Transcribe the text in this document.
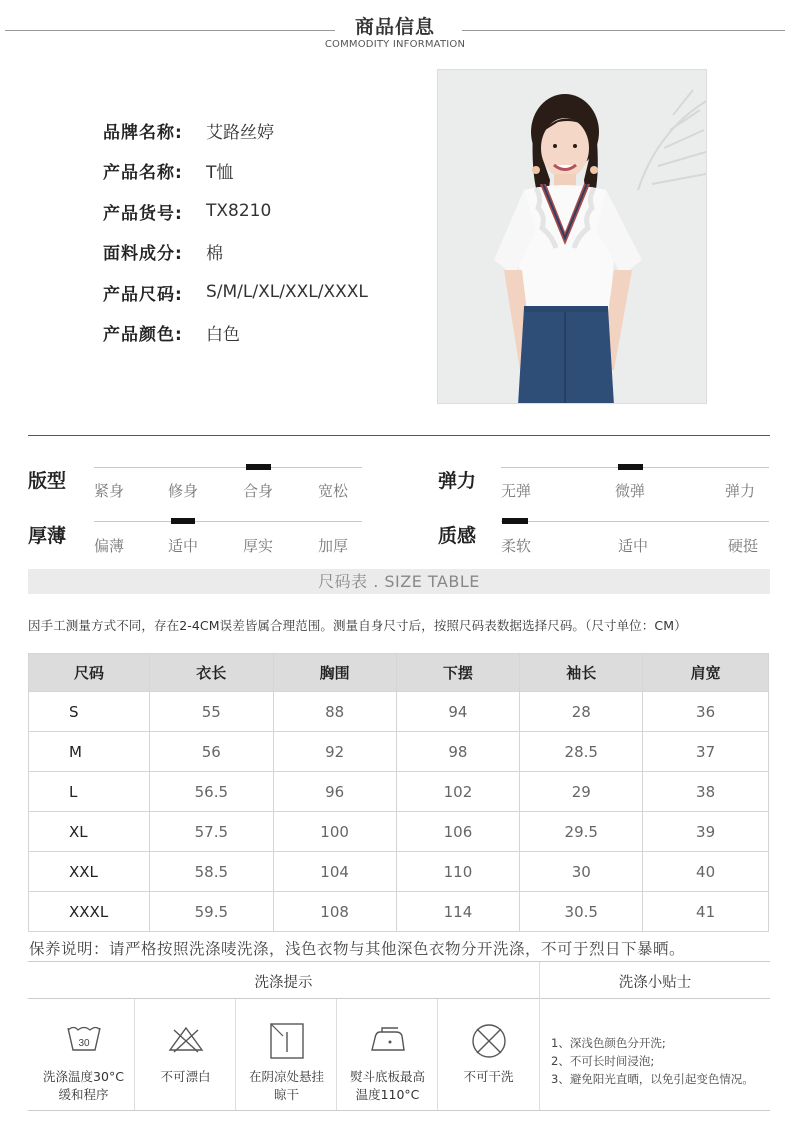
商品信息
COMMODITY INFORMATION
品牌名称:	艾路丝婷
产品名称:	T恤
产品货号:	TX8210
面料成分:	棉
产品尺码:	S/M/L/XL/XXL/XXXL
产品颜色:	白色
版型 紧身	修身	合身	宽松	弹力 无弹	微弹	弹力
厚薄 偏薄	适中	厚实	加厚	质感 柔软	适中	硬挺
尺码表 . SIZE TABLE
因手工测量方式不同，存在2-4CM误差皆属合理范围。测量自身尺寸后，按照尺码表数据选择尺码。（尺寸单位：CM）
尺码	衣长	胸围	下摆	袖长	肩宽
S	55	88	94	28	36
M	56	92	98	28.5	37
L	56.5	96	102	29	38
XL	57.5	100	106	29.5	39
XXL	58.5	104	110	30	40
XXXL	59.5	108	114	30.5	41
保养说明：请严格按照洗涤唛洗涤，浅色衣物与其他深色衣物分开洗涤，不可于烈日下暴晒。
洗涤提示	洗涤小贴士
30
洗涤温度30°C
缓和程序
不可漂白	在阴凉处悬挂
晾干
熨斗底板最高
温度110°C
不可干洗
1、深浅色颜色分开洗;
2、不可长时间浸泡;
3、避免阳光直晒，以免引起变色情况。
